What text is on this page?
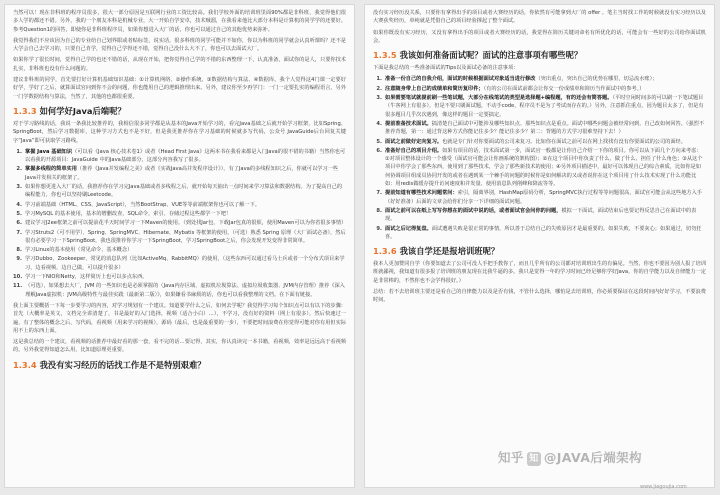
当然可以！现在非科班的程序员很多，很大一部分原因是互联网行业的工资比较高。我们学校外面的培训班里面90%都是非科班，我觉得他们很多人学的都还不错。另外，我的一个朋友本科是机械专业，大一开始自学安卓，技术贼溜，在我看来他比大部分本科是计算机的同学学的还要好。参考Question1的回答，即使你是非科班程序员，如果你想进入大厂的话，你也可以通过自己的其他优势来弥补。

我觉得我们不应该因为自己的专业给自己划界限或者贴标签，说实话，很多科班的同学可能并不如你，你以为科班的同学就会认真听课吗？还不是大学会自己去学习的，只要自己肯学，觉得自己学得还不错，觉得自己没什么大不了，你也可以去面试大厂。

如果你学了很长时间，觉得自己学的也还不错的话，从现在开始，把你觉得自己学的不错的东西整理一下，认真准备，面试你的是人，只要你技术扎实，非科班也没有什么问题的。

建议非科班的同学，首先要打好计算机基础知识基础：①计算机网络、②操作系统、③数据结构与算法、④数据库。我个人觉得这4门课一定要好好学，学好了之后，就算面试官问到你不会的问题，你也能用自己的逻辑推理出来。另外，建议你至少再学门：一门一定要扎实的编程语言，另外一门学数据结构与算法，当然了，其他的也都很重要。

1.3.3 如何学好Java后端呢？

对于学习路线的话，我说一条我比较推荐的，我相信很多同学都是从基本的Java开始学习的，看完Java基础之后就开始学习框架，比如Spring、SpringBoot，然后学习数据库，这种学习方式也不是不好，但是我更推荐你在学习基础的时候就多写代码，公众号 JavaGuide后台回复关键字“Java”即可获取学习路线。

1. 掌握 Java 基础知识（可以看《Java 核心技术卷1》或者《Head First Java》这两本书在我看来都是入门Java的很不错的书籍）当然你也可以看我的开源项目：JavaGuide 中的Java基础部分，这部分内容我写了很多。
2. 掌握多线程的简单实用（推荐《Java并发编程之美》或者《实战Java高并发程序设计》），有了Java的多线程知识之后，你就可以学习一些Java并发相关的框架了。
3. 如果你想更进入大厂的话，我推荐你在学习完Java基础或者多线程之后，就开始每天抽出一点时间来学习算法和数据结构。为了提高自己的编程能力，你也可以坚持刷Leetcode。
4. 学习前端基础（HTML、CSS、JavaScript），当然BootStrap、VUE等等前端框架你也可以了解一下。
5. 学习MySQL 的基本使用，基本的增删改查，SQL命令，索引、存储过程这些都学一下吧！
6. 建议学习J2ee框架之前可以提前花半天时间学习一下Maven的使用。（到处找Jar包，下载Jar包真的很烦，使用Maven可以为你省很多事情）
7. 学习Struts2（可不用学）、Spring、SpringMVC、Hibernate、Mybatis 等框架的使用，（可选）熟悉 Spring 原理（大厂面试必备），然后很有必要学习一下SpringBoot，我也很推荐你学习一下SpringBoot，学习SpringBoot之后，你会发现开发变得非常简单。
8. 学习Linux的基本使用（常见命令、基本概念）
9. 学习Dubbo、Zookeeper、常见的消息队列（比如ActiveMq、RabbitMQ）的使用，（这些东西可以通过看马士兵或者一个分布式项目来学习，边看视频，边自己做，可以提升很多）
10. 学习一下NIO和Netty，这样简历上也可以多点东西。
11. （可选），如果想去大厂，JVM 的一些知识也是必须掌握的（Java内存区域、虚拟机垃圾算法、虚拟垃圾收集器、JVM内存管理）推荐《深入理解Java虚拟机：JVM高级特性与最佳实践（最新第二版）》，如果嫌看书麻烦的话，你也可以看我整理的文档。在下面有链接。

我上面主要概括一下每一步要学习的内容，对学习规划有一个建议。知道要学什么之后，如何去学呢？我觉得学习每个知识点可以有以下的步骤：首先（大概率是英文，文档完全讲清楚了，书是最好的入门选择，视频（适合小白）…），不学习，没有好的资料（网上有很多），然后快速过一遍，有了整体的概念之后，写代码，看视频（用来学习的视频），源码（最后，也是最重要的一步），不要把时间浪费在你觉得可能对你有用但实际用不上的东西上面。

这是我总结的一个建议，看视频的话推荐中最好看的那一套，看不完的话…要记得，其实，你认真读完一本书籍，看视频，效率是远远高于看视频的，另外我觉得知道怎么用，比知道原理更重要。

1.3.4 我没有实习经历的话找工作是不是特别艰难？

没有实习经历没关系，只要你有拿得出手的项目或者大赛经历的话，你依然有可能拿到大厂的 offer 。笔主当时找工作的时候就没有实习经历以及大赛获奖经历，单纯就是凭借自己的项目经验撑起了整个面试。

如果你既没有实习经历，又没有拿得出手的项目或者大赛经历的话，我觉得在简历关键词命名有所优化的话，可能会有一些好的公司给你面试机会。

1.3.5 我该如何准备面试呢？面试的注意事项有哪些呢？

下面是我总结的一些准备面试的Tips以及面试必备的注意事项：

1. 准备一份自己的自我介绍，面试的时候根据面试对象适当进行修改（突出重点，突出自己的优势在哪里，切忌流水账）；
2. 注意随身带上自己的成绩单和简历复印件；（有的公司在面试前都会让你交一份成绩单和简历当作面试中的参考。）
3. 如果需要笔试就提前刷一些笔试题，大部分在线笔试的类型是选择题+编程题，有的还会有简答题。（平时空闲时间多的可以刷一下笔试题目（牛客网上有很多），但是不要只刷面试题，不动手code，程序员不是为了考试而存在的。）另外，注意抓住重点，因为题目太多了，但是有很多题目几乎次次遇到，像这样的题目一定要搞定。
4. 提前准备技术面试。搞清楚自己面试中可能涉及哪些知识点、那些知识点是重点。面试中哪些问题会被经常问到、自己改如何回答。（强烈不推荐背题，第一：通过背这种方式你能记住多少？能记住多少？第二：背题的方式学习很难坚持下去！）
5. 面试之前做好定向复习。也就是专门针对你要面试的公司来复习。比如你在面试之前可以在网上找找有没有你要面试的公司的面经。
6. 准备好自己的项目介绍。如果有项目的话，技术面试第一步，面试官一般都是让你自己介绍一下你的项目。你可以从下面几个方向来考虑：①对项目整体设计的一个感受（面试官可能会让你画系统的架构图）；②在这个项目中你负责了什么、做了什么、担任了什么角色；③从这个项目中你学会了那些东西，使用到了那些技术，学会了那些新技术的使用；④另外项目描述中，最好可以体现自己的综合素质，比如你是如何协调项目组成员协同开发的或者在遇到某一个棘手的问题的时候你是如何解决的又或者说你在这个项目用了什么技术实现了什么功能比如：用redis做缓存提升访问速度和并发量、使用消息队列削峰和降流等等。
7. 提前知道有哪些技术问题常问：索引，隔离界别，HashMap原码分析，SpringMVC执行过程等等问题很高，面试官可能会从这些地方入手（好好准备）后面的文章会给你们分享一下详细的面试问题。
8. 面试之前可以在纸上写写你想在的面试中说的话，或者面试官会问你的问题，模拟一下面试，面试结束后也要记得反思自己在面试中的表现。
9. 面试之后记得复盘。面试遭遇失败是很正常的事情，所以善于总结自己的失败原因才是最重要的。如果失败，不要灰心；如果通过，切勿狂喜。
1.3.6 我该自学还是报培训班呢？

我本人更加赞同自学（你要知道去了公司可没人手把手教你了，而且几乎所有的公司都对培训班出生的有偏见。当然，你也不要因为别人报了培训班就鄙视，我知道有很多报了培训班的朋友现在比我牛逼的多。我只是觉得一年的学习时间已经足够你学好Java，你的自学能力以及自律能力一定是非常棒的，不然你也不会学得很好。）

总结：若不去培训班主要还是看自己的自律能力以及是否有钱，不管什么选择，哪怕是去培训班，你必须要保证在这段时间内好好学习，不要浪费时间。

知乎 知 @JAVA后端架构
www.jiagoujia.com
